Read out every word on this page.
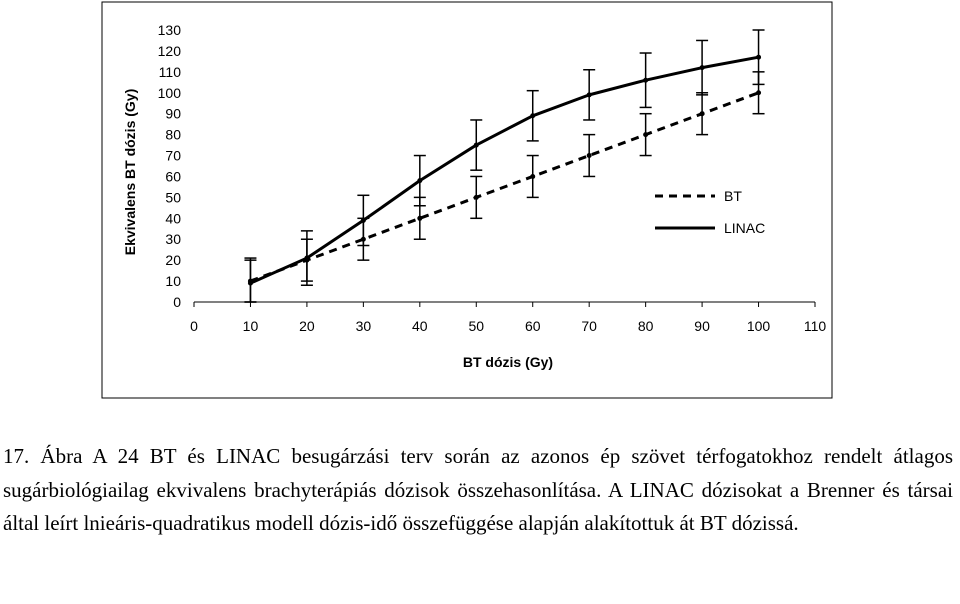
0	10	20	30	40	50	60	70	80	90	100 110
0
10
20
30
40
50
60
70
80
90
100
110
120
130
BT
LINAC
BT dózis (Gy)
Ekvivalens BT dózis (Gy)

17. Ábra A 24 BT és LINAC besugárzási terv során az azonos ép szövet térfogatokhoz rendelt átlagos sugárbiológiailag ekvivalens brachyterápiás dózisok összehasonlítása. A LINAC dózisokat a Brenner és társai által leírt lnieáris-quadratikus modell dózis-idő összefüggése alapján alakítottuk át BT dózissá.
